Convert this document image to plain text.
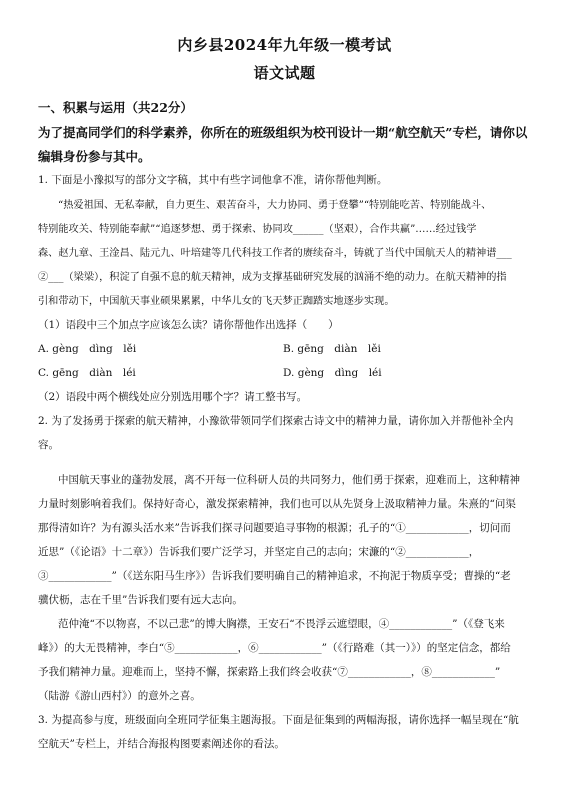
内乡县2024年九年级一模考试
语文试题
一、积累与运用（共22分）
为了提高同学们的科学素养，你所在的班级组织为校刊设计一期“航空航天”专栏，请你以
编辑身份参与其中。
1. 下面是小豫拟写的部分文字稿，其中有些字词他拿不准，请你帮他判断。
“热爱祖国、无私奉献，自力更生、艰苦奋斗，大力协同、勇于登攀”“特别能吃苦、特别能战斗、
特别能攻关、特别能奉献”“追逐梦想、勇于探索、协同攻______（坚艰），合作共赢”……经过钱学
森、赵九章、王淦昌、陆元九、叶培建等几代科技工作者的赓续奋斗，铸就了当代中国航天人的精神谱___
②___（梁梁），积淀了自强不息的航天精神，成为支撑基础研究发展的汹涌不绝的动力。在航天精神的指
引和带动下，中国航天事业硕果累累，中华儿女的飞天梦正踟踏实地逐步实现。
（1）语段中三个加点字应该怎么读？请你帮他作出选择（　　）
A. gèng　dìng　lěi	B. gēng　diàn　lěi
C. gēng　diàn　léi	D. gèng　dìng　léi
（2）语段中两个横线处应分别选用哪个字？请工整书写。
2. 为了发扬勇于探索的航天精神，小豫欲带领同学们探索古诗文中的精神力量，请你加入并帮他补全内
容。
中国航天事业的蓬勃发展，离不开每一位科研人员的共同努力，他们勇于探索，迎难而上，这种精神
力量时刻影响着我们。保持好奇心，激发探索精神，我们也可以从先贤身上汲取精神力量。朱熹的“问渠
那得清如许？为有源头活水来”告诉我们探寻问题要追寻事物的根源；孔子的“①____________，切问而
近思”（《论语》十二章》）告诉我们要广泛学习，并坚定自己的志向；宋濂的“②____________，
③____________”（《送东阳马生序》）告诉我们要明确自己的精神追求，不拘泥于物质享受；曹操的“老
骥伏枥，志在千里”告诉我们要有远大志向。
范仲淹“不以物喜，不以己悲”的博大胸襟，王安石“不畏浮云遮望眼，④____________”（《登飞来
峰》）的大无畏精神，李白“⑤____________，⑥____________”（《行路难（其一）》）的坚定信念，都给
予我们精神力量。迎难而上，坚持不懈，探索路上我们终会收获“⑦____________，⑧____________”
（陆游《游山西村》）的意外之喜。
3. 为提高参与度，班级面向全班同学征集主题海报。下面是征集到的两幅海报，请你选择一幅呈现在“航
空航天”专栏上，并结合海报构图要素阐述你的看法。
